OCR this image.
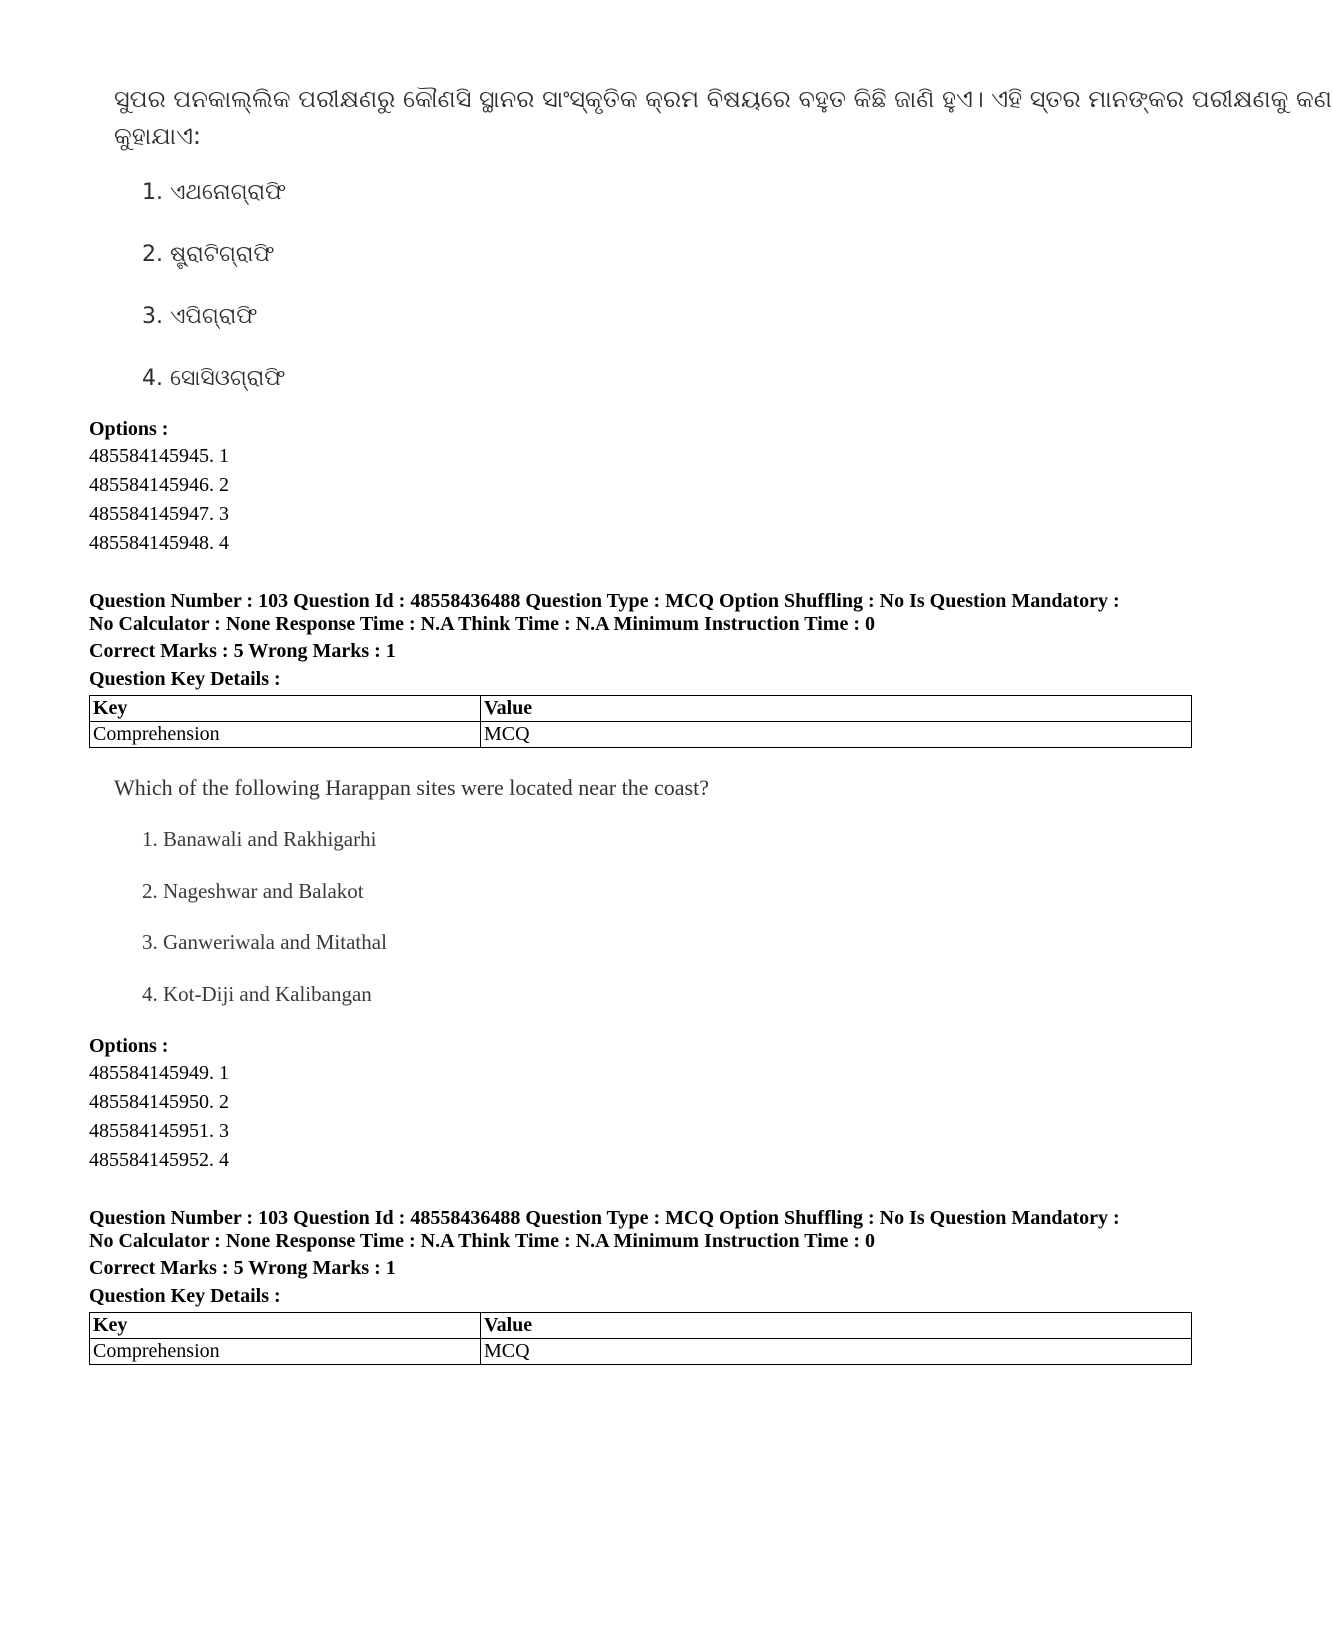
ସୁପର ପନକାଲ୍ଲିକ ପରୀକ୍ଷଣରୁ କୌଣସି ସ୍ଥାନର ସାଂସ୍କୃତିକ କ୍ରମ ବିଷୟରେ ବହୁତ କିଛି ଜାଣି ହୁଏ। ଏହି ସ୍ତର ମାନଙ୍କର ପରୀକ୍ଷଣକୁ କଣ
କୁହାଯାଏ:
1. ଏଥନୋଗ୍ରାଫି
2. ଷ୍ଟ୍ରାଟିଗ୍ରାଫି
3. ଏପିଗ୍ରାଫି
4. ସୋସିଓଗ୍ରାଫି
Options :
485584145945. 1
485584145946. 2
485584145947. 3
485584145948. 4
Question Number : 103 Question Id : 48558436488 Question Type : MCQ Option Shuffling : No Is Question Mandatory :
No Calculator : None Response Time : N.A Think Time : N.A Minimum Instruction Time : 0
Correct Marks : 5 Wrong Marks : 1
Question Key Details :
Key	Value
Comprehension	MCQ
Which of the following Harappan sites were located near the coast?
1. Banawali and Rakhigarhi
2. Nageshwar and Balakot
3. Ganweriwala and Mitathal
4. Kot-Diji and Kalibangan
Options :
485584145949. 1
485584145950. 2
485584145951. 3
485584145952. 4
Question Number : 103 Question Id : 48558436488 Question Type : MCQ Option Shuffling : No Is Question Mandatory :
No Calculator : None Response Time : N.A Think Time : N.A Minimum Instruction Time : 0
Correct Marks : 5 Wrong Marks : 1
Question Key Details :
Key	Value
Comprehension	MCQ
